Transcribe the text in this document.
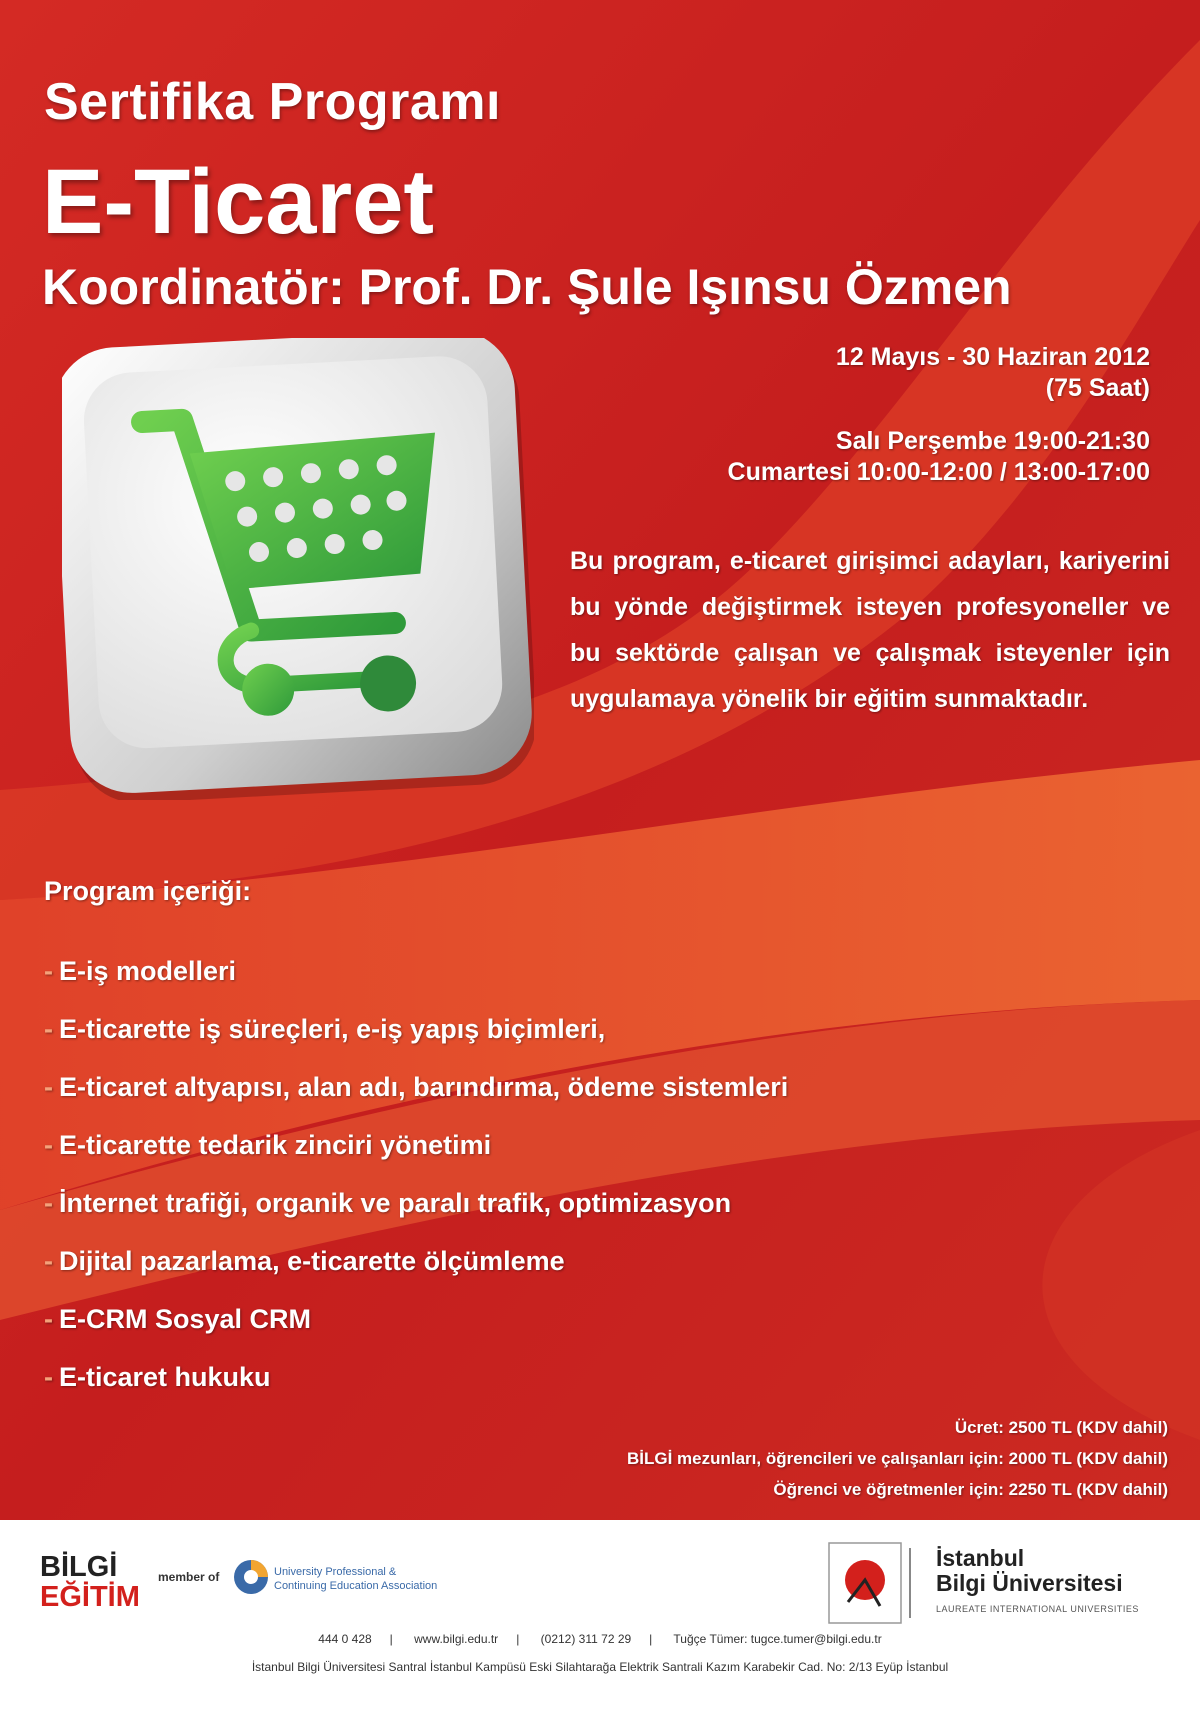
Sertifika Programı
E-Ticaret
Koordinatör: Prof. Dr. Şule Işınsu Özmen
12 Mayıs - 30 Haziran 2012
(75 Saat)
Salı Perşembe 19:00-21:30
Cumartesi 10:00-12:00 / 13:00-17:00
Bu program, e-ticaret girişimci adayları, kariyerini bu yönde değiştirmek isteyen profesyoneller ve bu sektörde çalışan ve çalışmak isteyenler için uygulamaya yönelik bir eğitim sunmaktadır.
Program içeriği:
- E-iş modelleri
- E-ticarette iş süreçleri, e-iş yapış biçimleri,
- E-ticaret altyapısı, alan adı, barındırma, ödeme sistemleri
- E-ticarette tedarik zinciri yönetimi
- İnternet trafiği, organik ve paralı trafik, optimizasyon
- Dijital pazarlama, e-ticarette ölçümleme
- E-CRM Sosyal CRM
- E-ticaret hukuku
Ücret: 2500 TL (KDV dahil)
BİLGİ mezunları, öğrencileri ve çalışanları için: 2000 TL (KDV dahil)
Öğrenci ve öğretmenler için: 2250 TL (KDV dahil)
BİLGİ
EĞİTİM
member of	University Professional &
Continuing Education Association
İstanbul
Bilgi Üniversitesi
LAUREATE INTERNATIONAL UNIVERSITIES
444 0 428 | www.bilgi.edu.tr | (0212) 311 72 29 | Tuğçe Tümer: tugce.tumer@bilgi.edu.tr
İstanbul Bilgi Üniversitesi Santral İstanbul Kampüsü Eski Silahtarağa Elektrik Santrali Kazım Karabekir Cad. No: 2/13 Eyüp İstanbul
